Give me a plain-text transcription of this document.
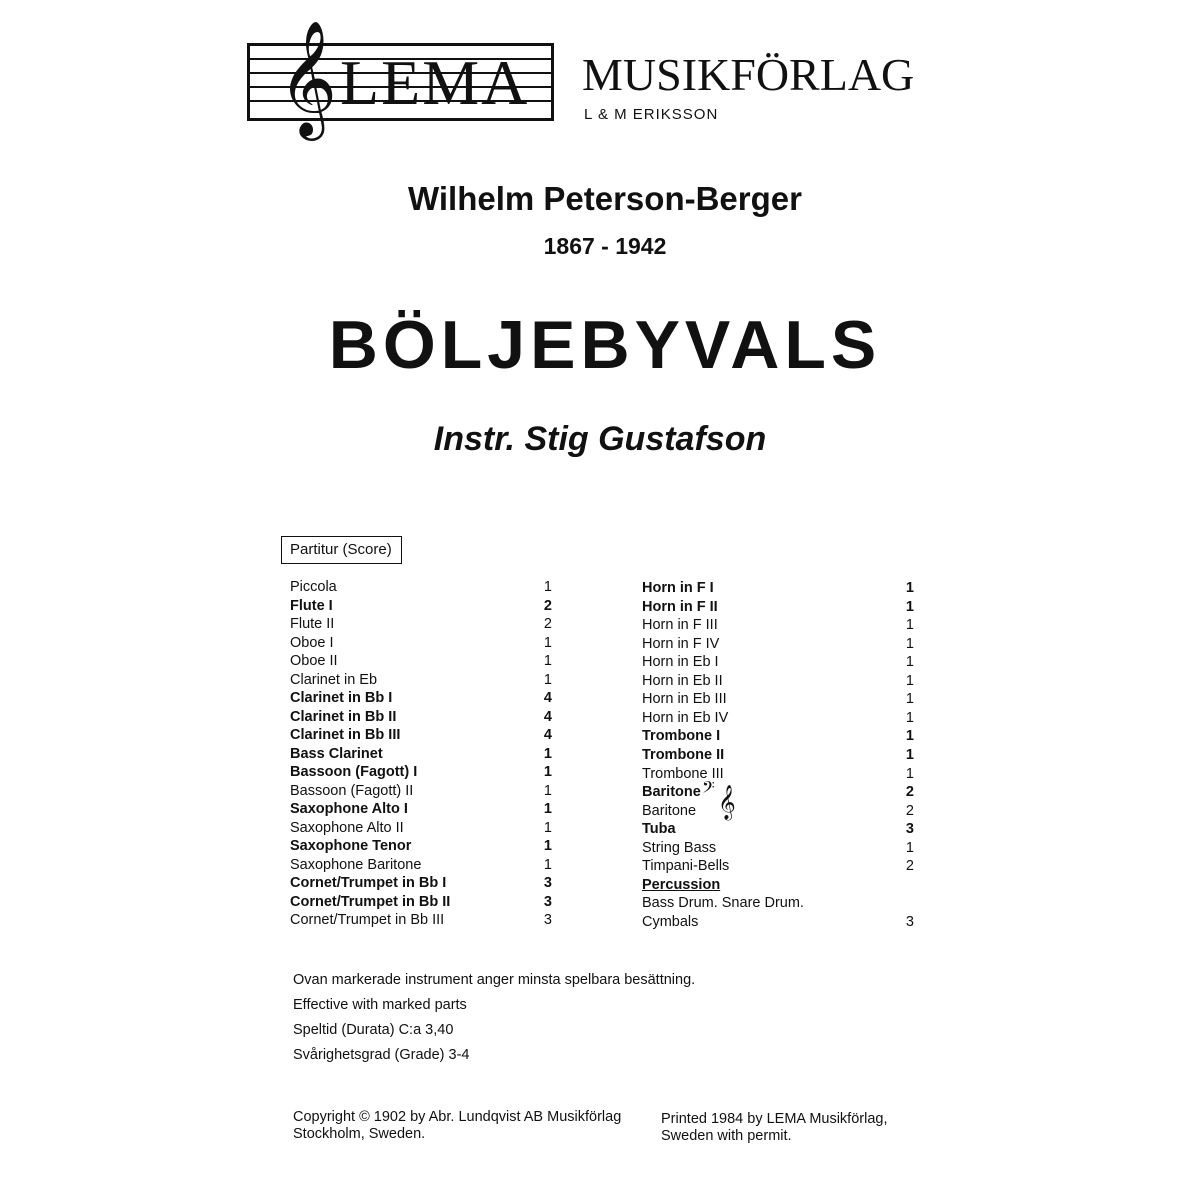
𝄞 LEMA MUSIKFÖRLAG
L & M ERIKSSON
Wilhelm Peterson-Berger
1867 - 1942
BÖLJEBYVALS
Instr. Stig Gustafson
Partitur (Score)
Piccola	1
Flute I	2
Flute II	2
Oboe I	1
Oboe II	1
Clarinet in Eb	1
Clarinet in Bb I	4
Clarinet in Bb II	4
Clarinet in Bb III	4
Bass Clarinet	1
Bassoon (Fagott) I	1
Bassoon (Fagott) II	1
Saxophone Alto I	1
Saxophone Alto II	1
Saxophone Tenor	1
Saxophone Baritone	1
Cornet/Trumpet in Bb I	3
Cornet/Trumpet in Bb II	3
Cornet/Trumpet in Bb III	3
Horn in F I	1
Horn in F II	1
Horn in F III	1
Horn in F IV	1
Horn in Eb I	1
Horn in Eb II	1
Horn in Eb III	1
Horn in Eb IV	1
Trombone I	1
Trombone II	1
Trombone III	1
Baritone 𝄢	2
Baritone	2
Tuba	3
String Bass	1
Timpani-Bells	2
Percussion
Bass Drum. Snare Drum.
Cymbals	3
𝄞
Ovan markerade instrument anger minsta spelbara besättning.
Effective with marked parts
Speltid (Durata) C:a 3,40
Svårighetsgrad (Grade) 3-4
Copyright © 1902 by Abr. Lundqvist AB Musikförlag
Stockholm, Sweden.
Printed 1984 by LEMA Musikförlag,
Sweden with permit.
